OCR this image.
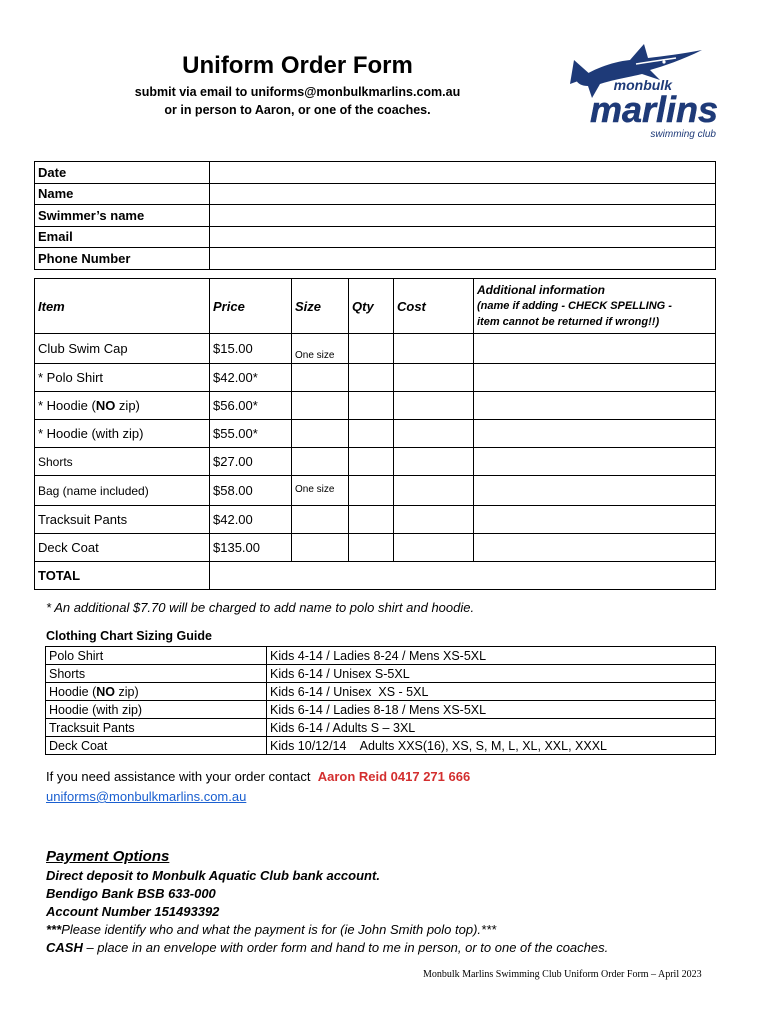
Uniform Order Form
submit via email to uniforms@monbulkmarlins.com.au
or in person to Aaron, or one of the coaches.
monbulk
marlins
swimming club
Date	
Name	
Swimmer’s name	
Email	
Phone Number	
Item	Price	Size	Qty	Cost	Additional information
(name if adding - CHECK SPELLING -
item cannot be returned if wrong!!)

Club Swim Cap	$15.00	One size			
* Polo Shirt	$42.00*				
* Hoodie (NO zip)	$56.00*				
* Hoodie (with zip)	$55.00*				
Shorts	$27.00				
Bag (name included)	$58.00	One size			
Tracksuit Pants	$42.00				
Deck Coat	$135.00				
TOTAL					
* An additional $7.70 will be charged to add name to polo shirt and hoodie.
Clothing Chart Sizing Guide
Polo Shirt	Kids 4-14 / Ladies 8-24 / Mens XS-5XL
Shorts	Kids 6-14 / Unisex S-5XL
Hoodie (NO zip)	Kids 6-14 / Unisex  XS - 5XL
Hoodie (with zip)	Kids 6-14 / Ladies 8-18 / Mens XS-5XL
Tracksuit Pants	Kids 6-14 / Adults S – 3XL
Deck Coat	Kids 10/12/14    Adults XXS(16), XS, S, M, L, XL, XXL, XXXL
If you need assistance with your order contact Aaron Reid 0417 271 666
uniforms@monbulkmarlins.com.au
Payment Options
Direct deposit to Monbulk Aquatic Club bank account.
Bendigo Bank BSB 633-000
Account Number 151493392
***Please identify who and what the payment is for (ie John Smith polo top).***
CASH – place in an envelope with order form and hand to me in person, or to one of the coaches.
Monbulk Marlins Swimming Club Uniform Order Form – April 2023
